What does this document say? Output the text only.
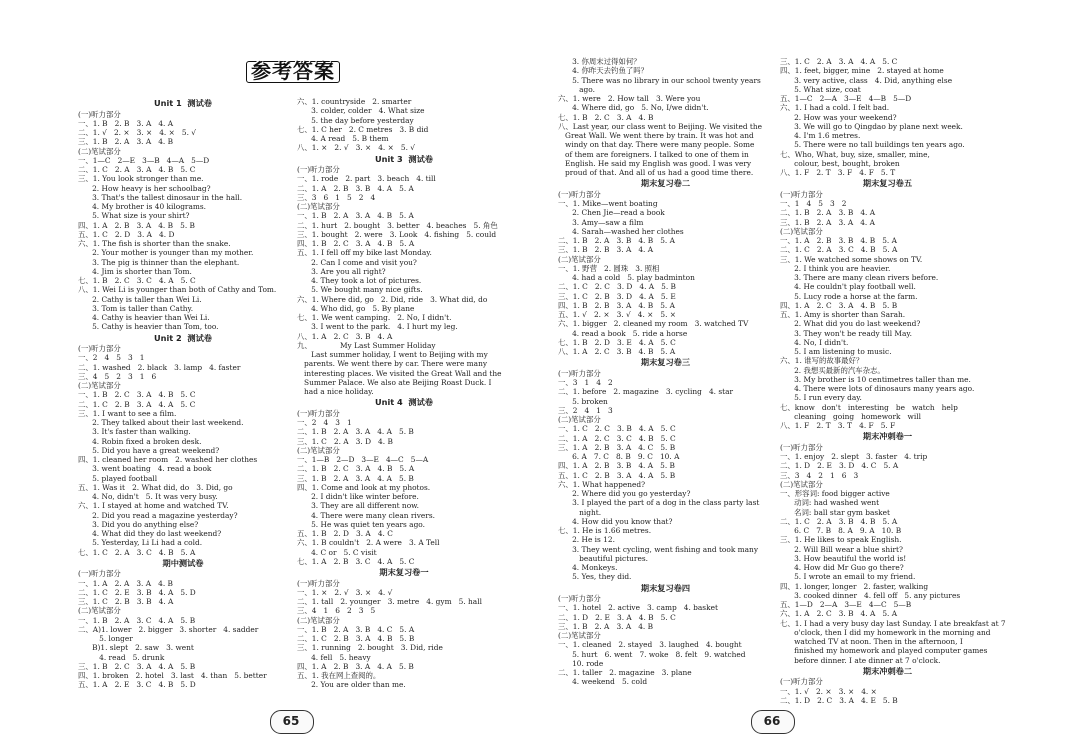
参考答案
Unit 1  测试卷
(一)听力部分
一、1. B   2. B   3. A   4. A
二、1. √   2. ×   3. ×   4. ×   5. √
三、1. B   2. A   3. A   4. B
(二)笔试部分
一、1—C   2—E   3—B   4—A   5—D
二、1. C   2. A   3. A   4. B   5. C
三、1. You look stronger than me.
2. How heavy is her schoolbag?
3. That's the tallest dinosaur in the hall.
4. My brother is 40 kilograms.
5. What size is your shirt?
四、1. A   2. B   3. A   4. B   5. B
五、1. C   2. D   3. A   4. D
六、1. The fish is shorter than the snake.
2. Your mother is younger than my mother.
3. The pig is thinner than the elephant.
4. Jim is shorter than Tom.
七、1. B   2. C   3. C   4. A   5. C
八、1. Wei Li is younger than both of Cathy and Tom.
2. Cathy is taller than Wei Li.
3. Tom is taller than Cathy.
4. Cathy is heavier than Wei Li.
5. Cathy is heavier than Tom, too.
Unit 2  测试卷
(一)听力部分
一、2   4   5   3   1
二、1. washed   2. black   3. lamp   4. faster
三、4   5   2   3   1   6
(二)笔试部分
一、1. B   2. C   3. A   4. B   5. C
二、1. C   2. B   3. A   4. A   5. C
三、1. I want to see a film.
2. They talked about their last weekend.
3. It's faster than walking.
4. Robin fixed a broken desk.
5. Did you have a great weekend?
四、1. cleaned her room   2. washed her clothes
3. went boating   4. read a book
5. played football
五、1. Was it   2. What did, do   3. Did, go
4. No, didn't   5. It was very busy.
六、1. I stayed at home and watched TV.
2. Did you read a magazine yesterday?
3. Did you do anything else?
4. What did they do last weekend?
5. Yesterday, Li Li had a cold.
七、1. C   2. A   3. C   4. B   5. A
期中测试卷
(一)听力部分
一、1. A   2. A   3. A   4. B
二、1. C   2. E   3. B   4. A   5. D
三、1. C   2. B   3. B   4. A
(二)笔试部分
一、1. B   2. A   3. C   4. A   5. B
二、A)1. lower   2. bigger   3. shorter   4. sadder
5. longer
B)1. slept   2. saw   3. went
4. read   5. drunk
三、1. B   2. C   3. A   4. A   5. B
四、1. broken   2. hotel   3. last   4. than   5. better
五、1. A   2. E   3. C   4. B   5. D
六、1. countryside   2. smarter
3. colder, colder   4. What size
5. the day before yesterday
七、1. C her   2. C metres   3. B did
4. A read   5. B them
八、1. ×   2. √   3. ×   4. ×   5. √
Unit 3  测试卷
(一)听力部分
一、1. rode   2. part   3. beach   4. till
二、1. A   2. B   3. B   4. A   5. A
三、3   6   1   5   2   4
(二)笔试部分
一、1. B   2. A   3. A   4. B   5. A
二、1. hurt   2. bought   3. better   4. beaches   5. 角色
三、1. bought   2. were   3. Look   4. fishing   5. could
四、1. B   2. C   3. A   4. B   5. A
五、1. I fell off my bike last Monday.
2. Can I come and visit you?
3. Are you all right?
4. They took a lot of pictures.
5. We bought many nice gifts.
六、1. Where did, go   2. Did, ride   3. What did, do
4. Who did, go   5. By plane
七、1. We went camping.   2. No, I didn't.
3. I went to the park.   4. I hurt my leg.
八、1. A   2. C   3. B   4. A
九、            My Last Summer Holiday
Last summer holiday, I went to Beijing with my
parents. We went there by car. There were many
interesting places. We visited the Great Wall and the
Summer Palace. We also ate Beijing Roast Duck. I
had a nice holiday.
Unit 4  测试卷
(一)听力部分
一、2   4   3   1
二、1. B   2. A   3. A   4. A   5. B
三、1. C   2. A   3. D   4. B
(二)笔试部分
一、1—B   2—D   3—E   4—C   5—A
二、1. B   2. C   3. A   4. B   5. A
三、1. B   2. A   3. A   4. A   5. B
四、1. Come and look at my photos.
2. I didn't like winter before.
3. They are all different now.
4. There were many clean rivers.
5. He was quiet ten years ago.
五、1. B   2. D   3. A   4. C
六、1. B couldn't   2. A were   3. A Tell
4. C or   5. C visit
七、1. A   2. B   3. C   4. A   5. C
期末复习卷一
(一)听力部分
一、1. ×   2. √   3. ×   4. √
二、1. tall   2. younger   3. metre   4. gym   5. hall
三、4   1   6   2   3   5
(二)笔试部分
一、1. B   2. A   3. B   4. C   5. A
二、1. C   2. B   3. A   4. B   5. B
三、1. running   2. bought   3. Did, ride
4. fell   5. heavy
四、1. A   2. B   3. A   4. A   5. B
五、1. 我在网上查阅的。
2. You are older than me.
3. 你周末过得如何？
4. 你昨天去钓鱼了吗？
5. There was no library in our school twenty years
ago.
六、1. were   2. How tall   3. Were you
4. Where did, go   5. No, I/we didn't.
七、1. B   2. C   3. A   4. B
八、Last year, our class went to Beijing. We visited the
Great Wall. We went there by train. It was hot and
windy on that day. There were many people. Some
of them are foreigners. I talked to one of them in
English. He said my English was good. I was very
proud of that. And all of us had a good time there.
期末复习卷二
(一)听力部分
一、1. Mike—went boating
2. Chen Jie—read a book
3. Amy—saw a film
4. Sarah—washed her clothes
二、1. B   2. A   3. B   4. B   5. A
三、1. B   2. B   3. A   4. A
(二)笔试部分
一、1. 野营   2. 圆珠   3. 照相
4. had a cold   5. play badminton
二、1. C   2. C   3. D   4. A   5. B
三、1. C   2. B   3. D   4. A   5. E
四、1. B   2. B   3. A   4. B   5. A
五、1. √   2. ×   3. √   4. ×   5. ×
六、1. bigger   2. cleaned my room   3. watched TV
4. read a book   5. ride a horse
七、1. B   2. D   3. E   4. A   5. C
八、1. A   2. C   3. B   4. B   5. A
期末复习卷三
(一)听力部分
一、3   1   4   2
二、1. before   2. magazine   3. cycling   4. star
5. broken
三、2   4   1   3
(二)笔试部分
一、1. C   2. C   3. B   4. A   5. C
二、1. A   2. C   3. C   4. B   5. C
三、1. A   2. B   3. A   4. C   5. B
6. A   7. C   8. B   9. C   10. A
四、1. A   2. B   3. B   4. A   5. B
五、1. C   2. B   3. A   4. A   5. B
六、1. What happened?
2. Where did you go yesterday?
3. I played the part of a dog in the class party last
night.
4. How did you know that?
七、1. He is 1.66 metres.
2. He is 12.
3. They went cycling, went fishing and took many
beautiful pictures.
4. Monkeys.
5. Yes, they did.
期末复习卷四
(一)听力部分
一、1. hotel   2. active   3. camp   4. basket
二、1. D   2. E   3. A   4. B   5. C
三、1. B   2. A   3. A   4. B
(二)笔试部分
一、1. cleaned   2. stayed   3. laughed   4. bought
5. hurt   6. went   7. woke   8. felt   9. watched
10. rode
二、1. taller   2. magazine   3. plane
4. weekend   5. cold
三、1. C   2. A   3. A   4. A   5. C
四、1. feet, bigger, mine   2. stayed at home
3. very active, class   4. Did, anything else
5. What size, coat
五、1—C   2—A   3—E   4—B   5—D
六、1. I had a cold. I felt bad.
2. How was your weekend?
3. We will go to Qingdao by plane next week.
4. I'm 1.6 metres.
5. There were no tall buildings ten years ago.
七、Who, What, buy, size, smaller, mine,
colour, best, bought, broken
八、1. F   2. T   3. F   4. F   5. T
期末复习卷五
(一)听力部分
一、1   4   5   3   2
二、1. B   2. A   3. B   4. A
三、1. B   2. A   3. A   4. A
(二)笔试部分
一、1. A   2. B   3. B   4. B   5. A
二、1. C   2. A   3. C   4. B   5. A
三、1. We watched some shows on TV.
2. I think you are heavier.
3. There are many clean rivers before.
4. He couldn't play football well.
5. Lucy rode a horse at the farm.
四、1. A   2. C   3. A   4. B   5. B
五、1. Amy is shorter than Sarah.
2. What did you do last weekend?
3. They won't be ready till May.
4. No, I didn't.
5. I am listening to music.
六、1. 谁写的故事最好？
2. 我想买最新的汽车杂志。
3. My brother is 10 centimetres taller than me.
4. There were lots of dinosaurs many years ago.
5. I run every day.
七、know   don't   interesting   be   watch   help
cleaning   going   homework   will
八、1. F   2. T   3. T   4. F   5. F
期末冲刺卷一
(一)听力部分
一、1. enjoy   2. slept   3. faster   4. trip
二、1. D   2. E   3. D   4. C   5. A
三、3   4   2   1   6   3
(二)笔试部分
一、形容词: food bigger active
动词: had washed went
名词: ball star gym basket
二、1. C   2. A   3. B   4. B   5. A
6. C   7. B   8. A   9. A   10. B
三、1. He likes to speak English.
2. Will Bill wear a blue shirt?
3. How beautiful the world is!
4. How did Mr Guo go there?
5. I wrote an email to my friend.
四、1. longer, longer   2. faster, walking
3. cooked dinner   4. fell off   5. any pictures
五、1—D   2—A   3—E   4—C   5—B
六、1. A   2. C   3. B   4. A   5. A
七、1. I had a very busy day last Sunday. I ate breakfast at 7
o'clock, then I did my homework in the morning and
watched TV at noon. Then in the afternoon, I
finished my homework and played computer games
before dinner. I ate dinner at 7 o'clock.
期末冲刺卷二
(一)听力部分
一、1. √   2. ×   3. ×   4. ×
二、1. D   2. C   3. A   4. E   5. B
65	66
